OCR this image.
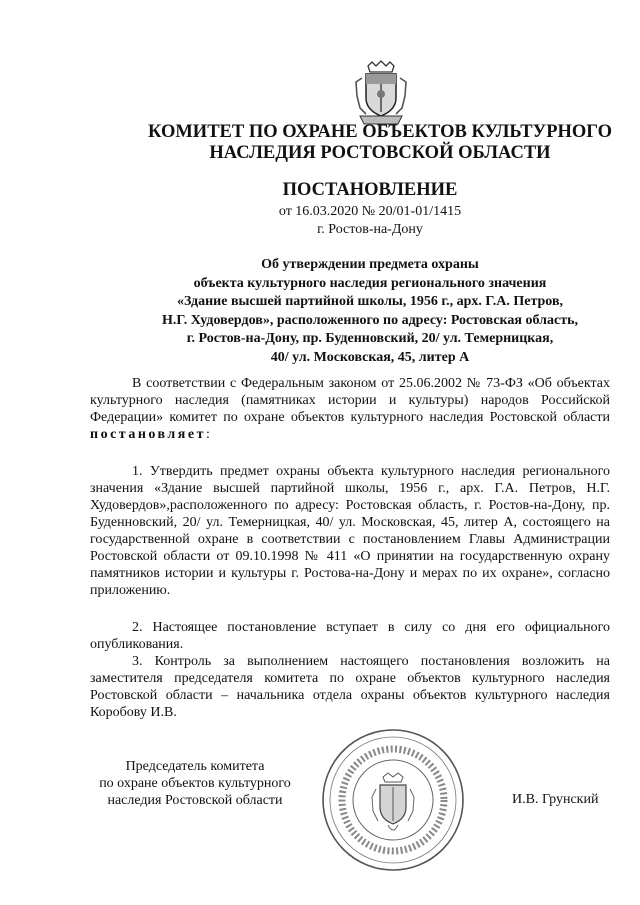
КОМИТЕТ ПО ОХРАНЕ ОБЪЕКТОВ КУЛЬТУРНОГО
НАСЛЕДИЯ РОСТОВСКОЙ ОБЛАСТИ
ПОСТАНОВЛЕНИЕ
от 16.03.2020 № 20/01-01/1415
г. Ростов-на-Дону
Об утверждении предмета охраны
объекта культурного наследия регионального значения
«Здание высшей партийной школы, 1956 г., арх. Г.А. Петров,
Н.Г. Худовердов», расположенного по адресу: Ростовская область,
г. Ростов-на-Дону, пр. Буденновский, 20/ ул. Темерницкая,
40/ ул. Московская, 45, литер А
В соответствии с Федеральным законом от 25.06.2002 № 73-ФЗ «Об объектах культурного наследия (памятниках истории и культуры) народов Российской Федерации» комитет по охране объектов культурного наследия Ростовской области постановляет:
1. Утвердить предмет охраны объекта культурного наследия регионального значения «Здание высшей партийной школы, 1956 г., арх. Г.А. Петров, Н.Г. Худовердов»,расположенного по адресу: Ростовская область, г. Ростов-на-Дону, пр. Буденновский, 20/ ул. Темерницкая, 40/ ул. Московская, 45, литер А, состоящего на государственной охране в соответствии с постановлением Главы Администрации Ростовской области от 09.10.1998 № 411 «О принятии на государственную охрану памятников истории и культуры г. Ростова-на-Дону и мерах по их охране», согласно приложению.
2. Настоящее постановление вступает в силу со дня его официального опубликования.
3. Контроль за выполнением настоящего постановления возложить на заместителя председателя комитета по охране объектов культурного наследия Ростовской области – начальника отдела охраны объектов культурного наследия Коробову И.В.
Председатель комитета
по охране объектов культурного
наследия Ростовской области	И.В. Грунский
